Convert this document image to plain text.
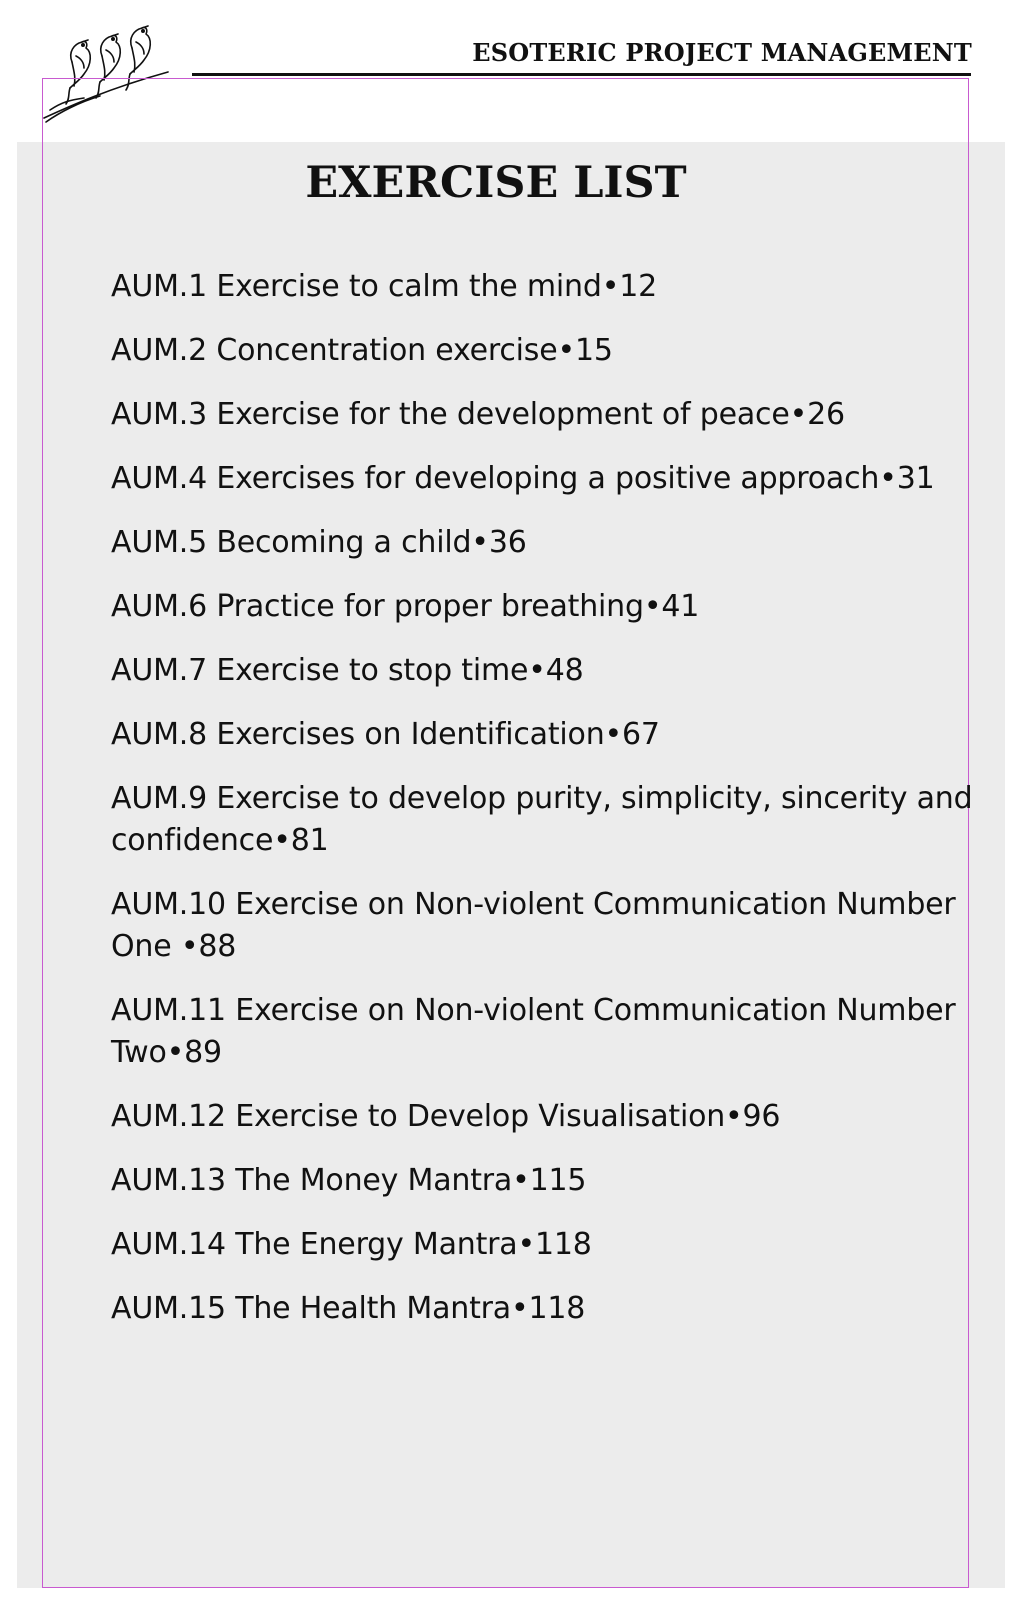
ESOTERIC PROJECT MANAGEMENT
EXERCISE LIST
AUM.1 Exercise to calm the mind•12
AUM.2 Concentration exercise•15
AUM.3 Exercise for the development of peace•26
AUM.4 Exercises for developing a positive approach•31
AUM.5 Becoming a child•36
AUM.6 Practice for proper breathing•41
AUM.7 Exercise to stop time•48
AUM.8 Exercises on Identification•67
AUM.9 Exercise to develop purity, simplicity, sincerity and confidence•81
AUM.10 Exercise on Non-violent Communication Number One •88
AUM.11 Exercise on Non-violent Communication Number Two•89
AUM.12 Exercise to Develop Visualisation•96
AUM.13 The Money Mantra•115
AUM.14 The Energy Mantra•118
AUM.15 The Health Mantra•118
